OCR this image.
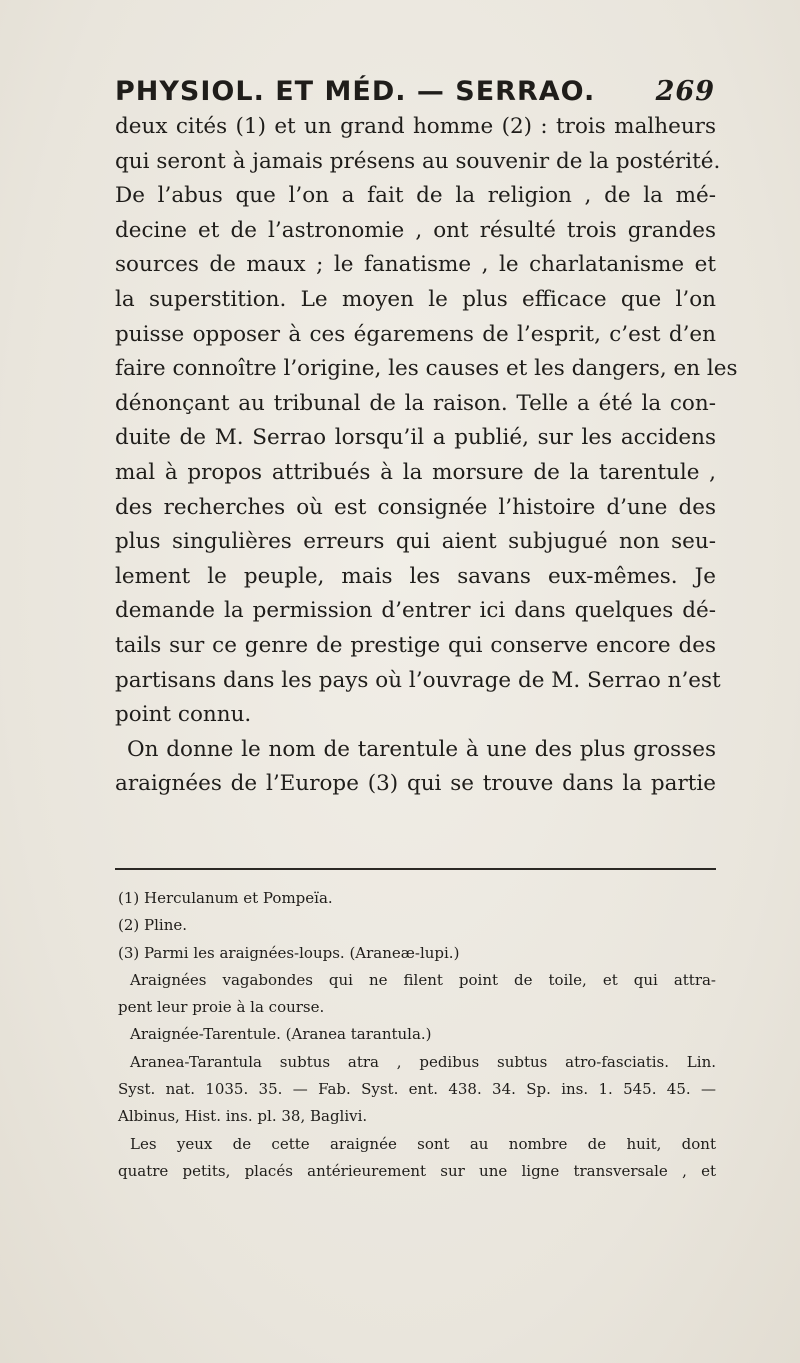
PHYSIOL. ET MÉD. — SERRAO. 269
deux cités (1) et un grand homme (2) : trois malheurs
qui seront à jamais présens au souvenir de la postérité.
De l’abus que l’on a fait de la religion , de la mé-
decine et de l’astronomie , ont résulté trois grandes
sources de maux ; le fanatisme , le charlatanisme et
la superstition. Le moyen le plus efficace que l’on
puisse opposer à ces égaremens de l’esprit, c’est d’en
faire connoître l’origine, les causes et les dangers, en les
dénonçant au tribunal de la raison. Telle a été la con-
duite de M. Serrao lorsqu’il a publié, sur les accidens
mal à propos attribués à la morsure de la tarentule ,
des recherches où est consignée l’histoire d’une des
plus singulières erreurs qui aient subjugué non seu-
lement le peuple, mais les savans eux-mêmes. Je
demande la permission d’entrer ici dans quelques dé-
tails sur ce genre de prestige qui conserve encore des
partisans dans les pays où l’ouvrage de M. Serrao n’est
point connu.
On donne le nom de tarentule à une des plus grosses
araignées de l’Europe (3) qui se trouve dans la partie
(1) Herculanum et Pompeïa.
(2) Pline.
(3) Parmi les araignées-loups. (Araneæ-lupi.)
Araignées vagabondes qui ne filent point de toile, et qui attra-
pent leur proie à la course.
Araignée-Tarentule. (Aranea tarantula.)
Aranea-Tarantula subtus atra , pedibus subtus atro-fasciatis. Lin.
Syst. nat. 1035. 35. — Fab. Syst. ent. 438. 34. Sp. ins. 1. 545. 45. —
Albinus, Hist. ins. pl. 38, Baglivi.
Les yeux de cette araignée sont au nombre de huit, dont
quatre petits, placés antérieurement sur une ligne transversale , et
